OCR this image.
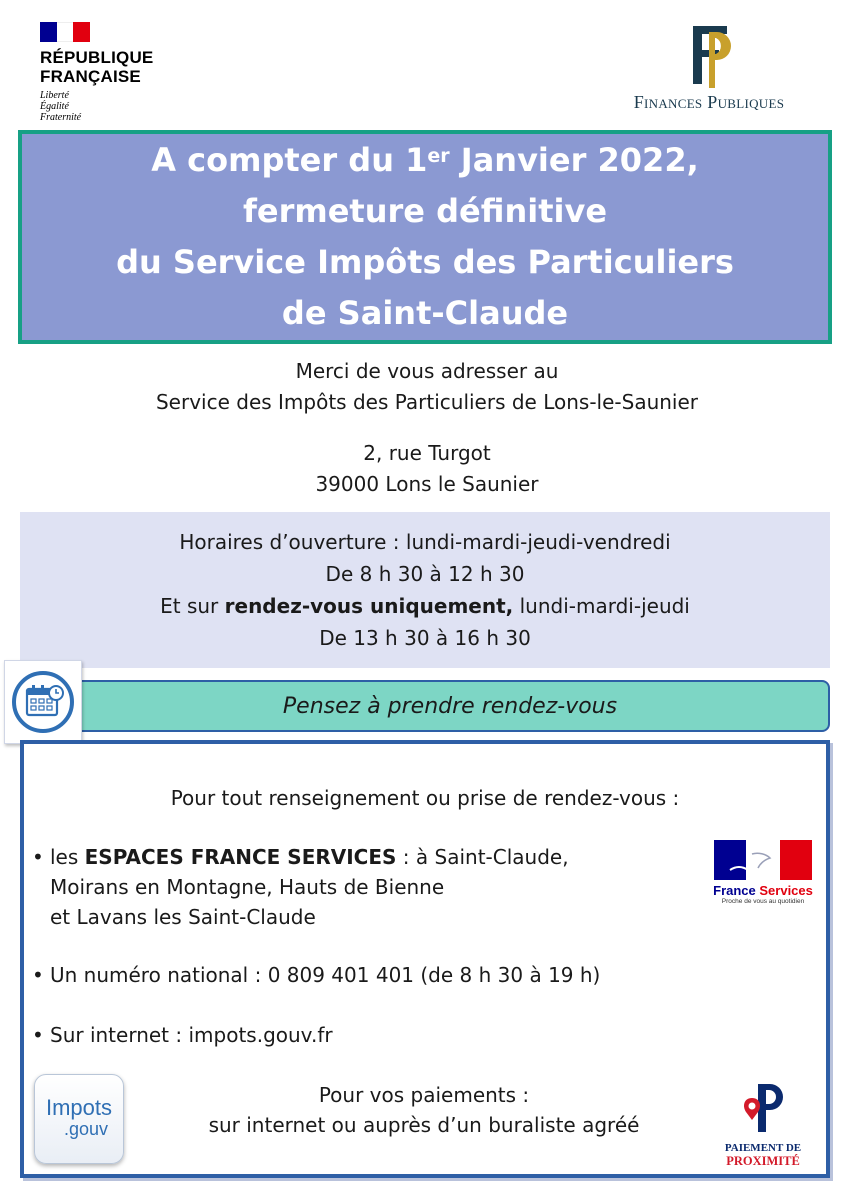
RÉPUBLIQUE
FRANÇAISE
Liberté
Égalité
Fraternité
Finances Publiques
A compter du 1er Janvier 2022,
fermeture définitive
du Service Impôts des Particuliers
de Saint-Claude
Merci de vous adresser au
Service des Impôts des Particuliers de Lons-le-Saunier
2, rue Turgot
39000 Lons le Saunier
Horaires d’ouverture : lundi-mardi-jeudi-vendredi
De 8 h 30 à 12 h 30
Et sur rendez-vous uniquement, lundi-mardi-jeudi
De 13 h 30 à 16 h 30
Pensez à prendre rendez-vous
Pour tout renseignement ou prise de rendez-vous :
• les ESPACES FRANCE SERVICES : à Saint-Claude,
Moirans en Montagne, Hauts de Bienne
et Lavans les Saint-Claude
• Un numéro national : 0 809 401 401 (de 8 h 30 à 19 h)
• Sur internet : impots.gouv.fr
Pour vos paiements :
sur internet ou auprès d’un buraliste agréé
France Services
Proche de vous au quotidien
Impots
.gouv
PAIEMENT DE
PROXIMITÉ
